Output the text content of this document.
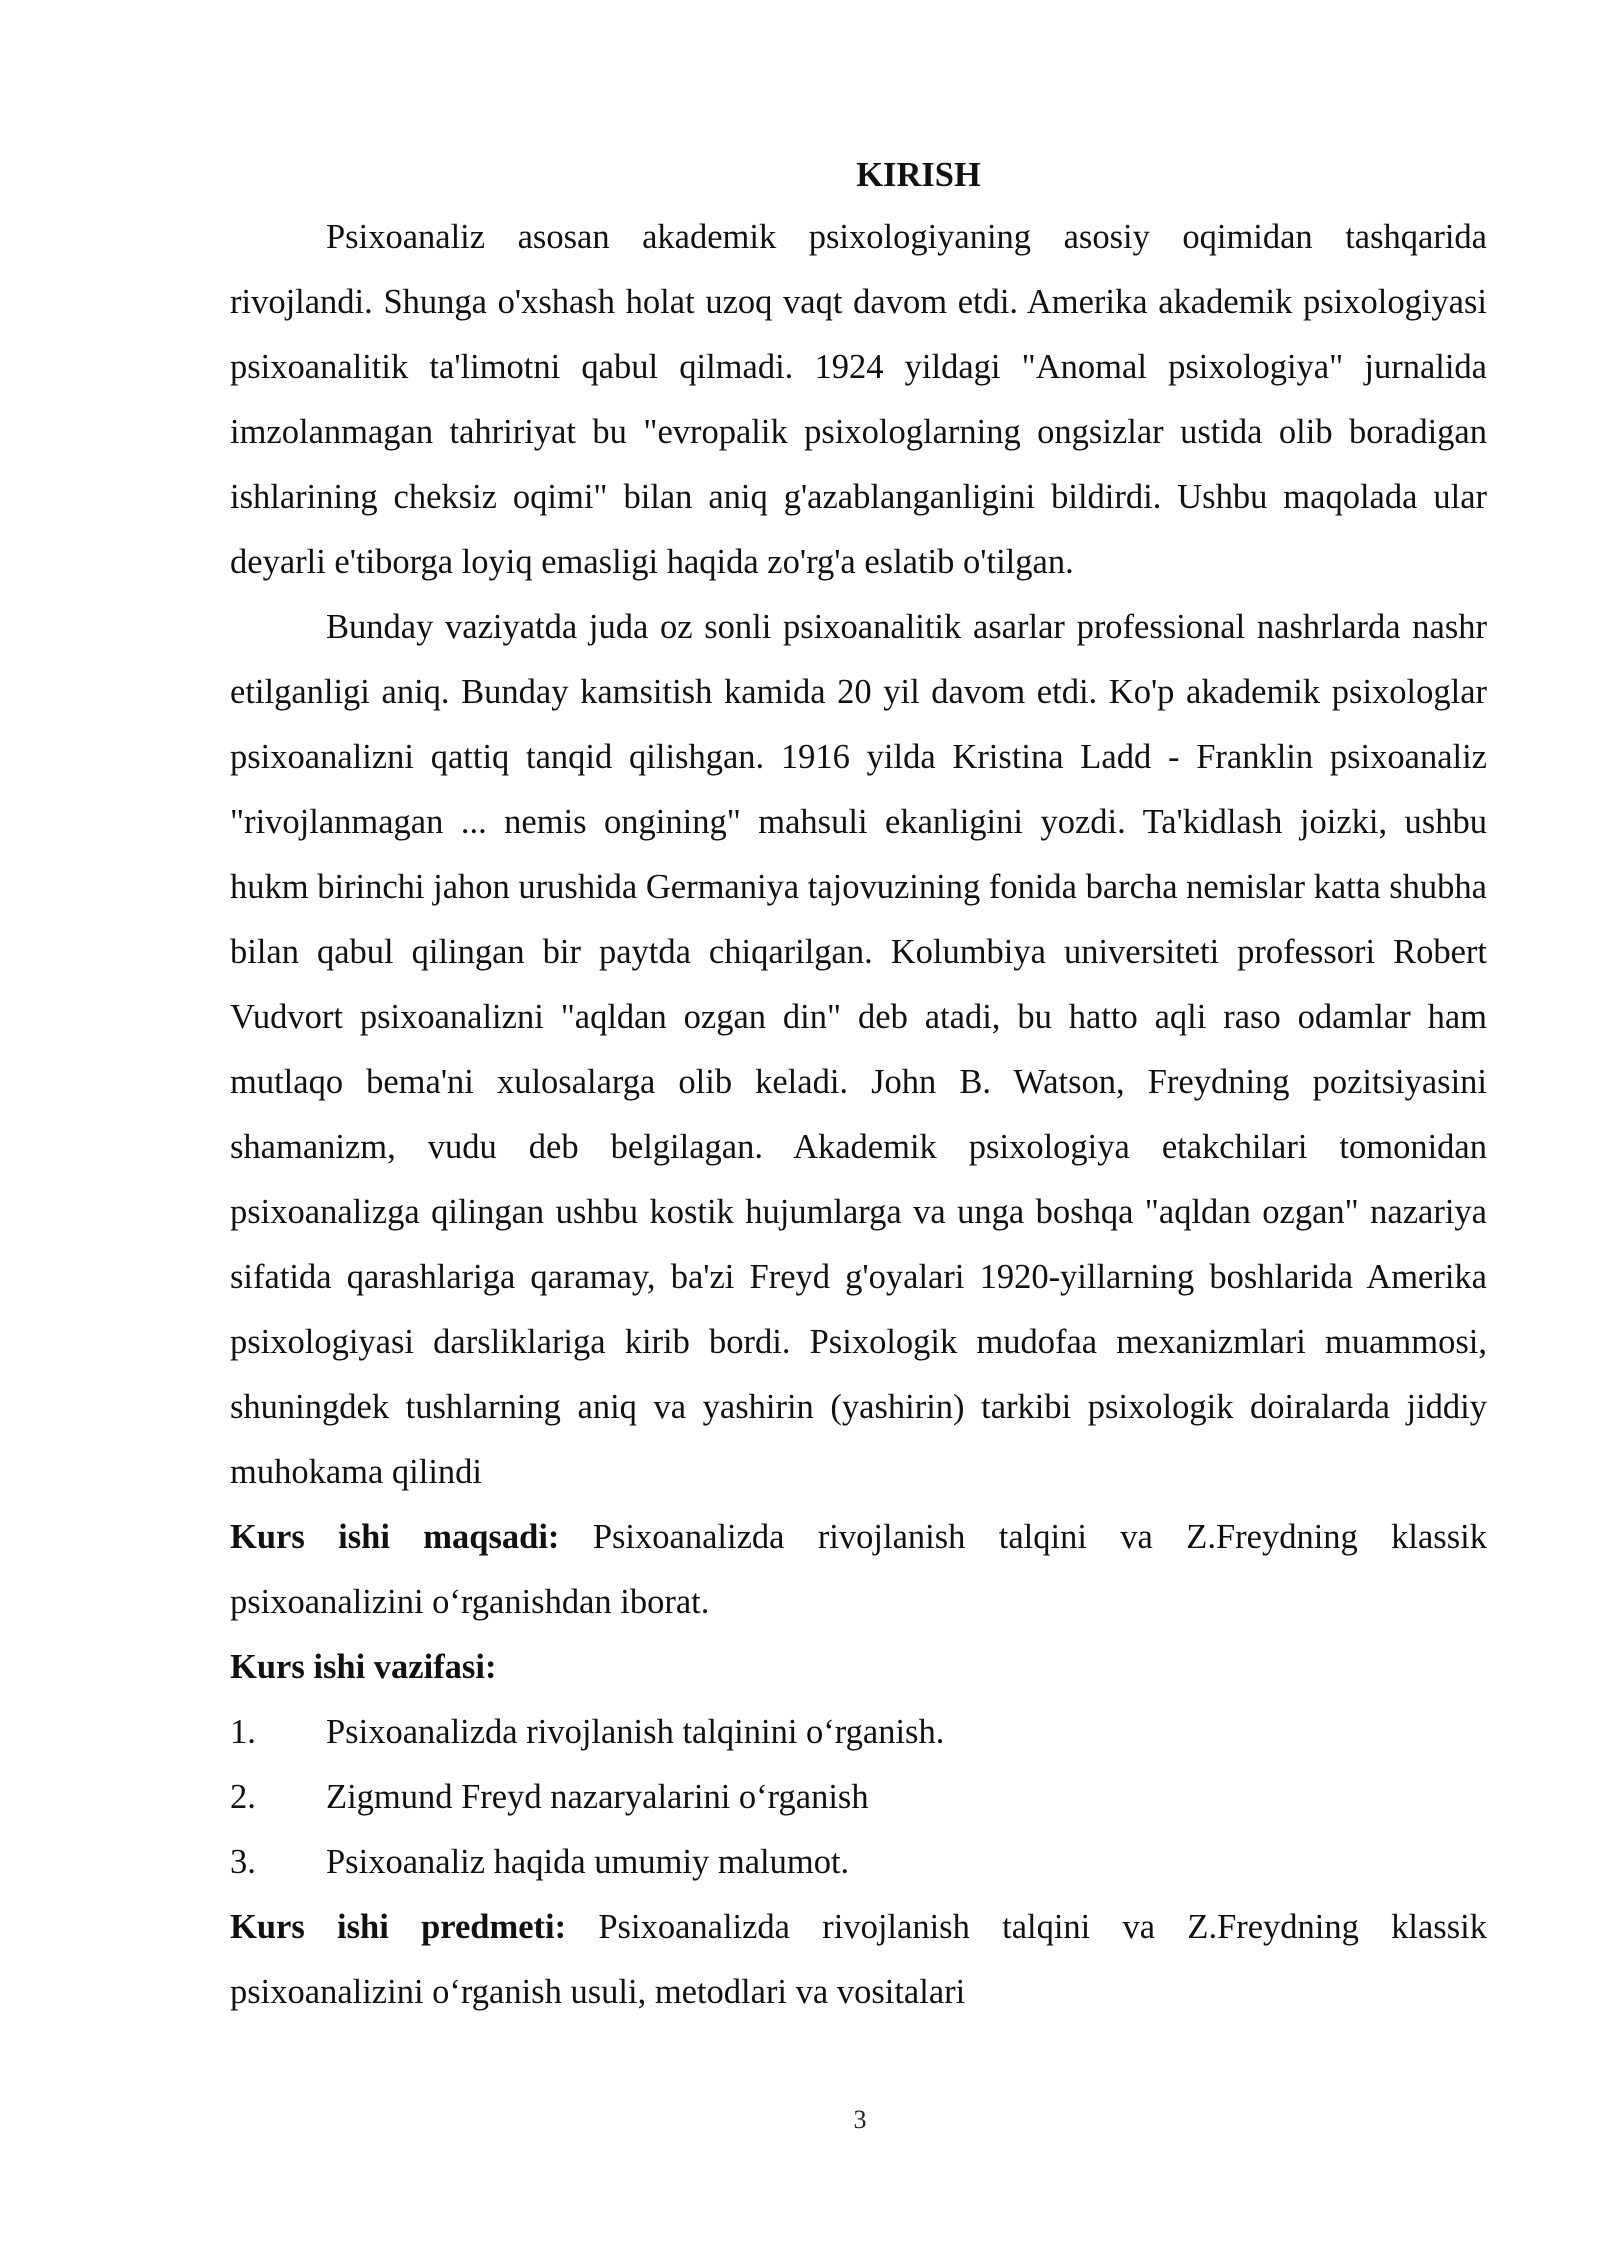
KIRISH

Psixoanaliz asosan akademik psixologiyaning asosiy oqimidan tashqarida rivojlandi. Shunga o'xshash holat uzoq vaqt davom etdi. Amerika akademik psixologiyasi psixoanalitik ta'limotni qabul qilmadi. 1924 yildagi "Anomal psixologiya" jurnalida imzolanmagan tahririyat bu "evropalik psixologlarning ongsizlar ustida olib boradigan ishlarining cheksiz oqimi" bilan aniq g'azablanganligini bildirdi. Ushbu maqolada ular deyarli e'tiborga loyiq emasligi haqida zo'rg'a eslatib o'tilgan.

Bunday vaziyatda juda oz sonli psixoanalitik asarlar professional nashrlarda nashr etilganligi aniq. Bunday kamsitish kamida 20 yil davom etdi. Ko'p akademik psixologlar psixoanalizni qattiq tanqid qilishgan. 1916 yilda Kristina Ladd - Franklin psixoanaliz "rivojlanmagan ... nemis ongining" mahsuli ekanligini yozdi. Ta'kidlash joizki, ushbu hukm birinchi jahon urushida Germaniya tajovuzining fonida barcha nemislar katta shubha bilan qabul qilingan bir paytda chiqarilgan. Kolumbiya universiteti professori Robert Vudvort psixoanalizni "aqldan ozgan din" deb atadi, bu hatto aqli raso odamlar ham mutlaqo bema'ni xulosalarga olib keladi. John B. Watson, Freydning pozitsiyasini shamanizm, vudu deb belgilagan. Akademik psixologiya etakchilari tomonidan psixoanalizga qilingan ushbu kostik hujumlarga va unga boshqa "aqldan ozgan" nazariya sifatida qarashlariga qaramay, ba'zi Freyd g'oyalari 1920-yillarning boshlarida Amerika psixologiyasi darsliklariga kirib bordi. Psixologik mudofaa mexanizmlari muammosi, shuningdek tushlarning aniq va yashirin (yashirin) tarkibi psixologik doiralarda jiddiy muhokama qilindi

Kurs ishi maqsadi: Psixoanalizda rivojlanish talqini va Z.Freydning klassik psixoanalizini o‘rganishdan iborat.

Kurs ishi vazifasi:
1.	Psixoanalizda rivojlanish talqinini o‘rganish.
2.	Zigmund Freyd nazaryalarini o‘rganish
3.	Psixoanaliz haqida umumiy malumot.

Kurs ishi predmeti: Psixoanalizda rivojlanish talqini va Z.Freydning klassik psixoanalizini o‘rganish usuli, metodlari va vositalari

3
